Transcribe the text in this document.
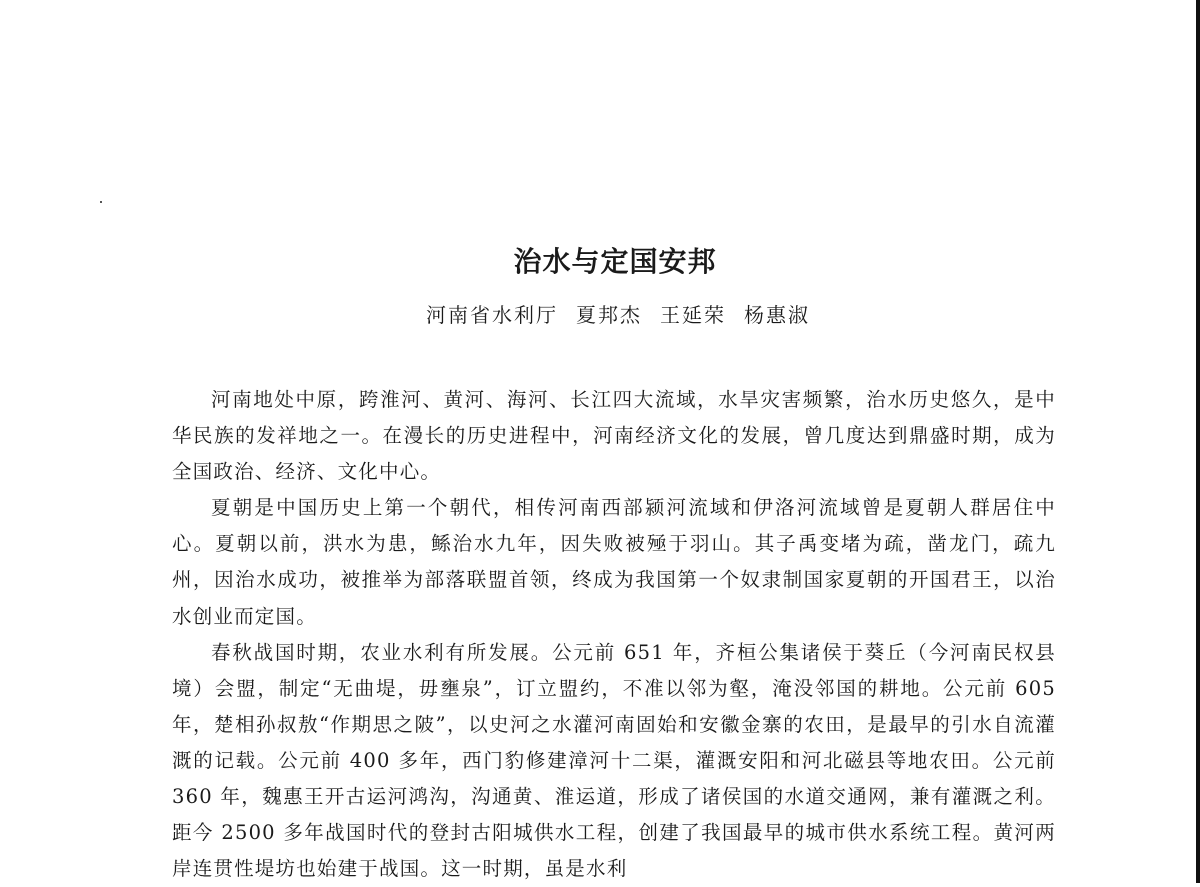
治水与定国安邦
河南省水利厅 夏邦杰 王延荣 杨惠淑

河南地处中原，跨淮河、黄河、海河、长江四大流域，水旱灾害频繁，治水历史悠久，是中华民族的发祥地之一。在漫长的历史进程中，河南经济文化的发展，曾几度达到鼎盛时期，成为全国政治、经济、文化中心。

夏朝是中国历史上第一个朝代，相传河南西部颍河流域和伊洛河流域曾是夏朝人群居住中心。夏朝以前，洪水为患，鲧治水九年，因失败被殛于羽山。其子禹变堵为疏，凿龙门，疏九州，因治水成功，被推举为部落联盟首领，终成为我国第一个奴隶制国家夏朝的开国君王，以治水创业而定国。

春秋战国时期，农业水利有所发展。公元前 651 年，齐桓公集诸侯于葵丘（今河南民权县境）会盟，制定“无曲堤，毋壅泉”，订立盟约，不准以邻为壑，淹没邻国的耕地。公元前 605 年，楚相孙叔敖“作期思之陂”，以史河之水灌河南固始和安徽金寨的农田，是最早的引水自流灌溉的记载。公元前 400 多年，西门豹修建漳河十二渠，灌溉安阳和河北磁县等地农田。公元前 360 年，魏惠王开古运河鸿沟，沟通黄、淮运道，形成了诸侯国的水道交通网，兼有灌溉之利。距今 2500 多年战国时代的登封古阳城供水工程，创建了我国最早的城市供水系统工程。黄河两岸连贯性堤坊也始建于战国。这一时期，虽是水利
